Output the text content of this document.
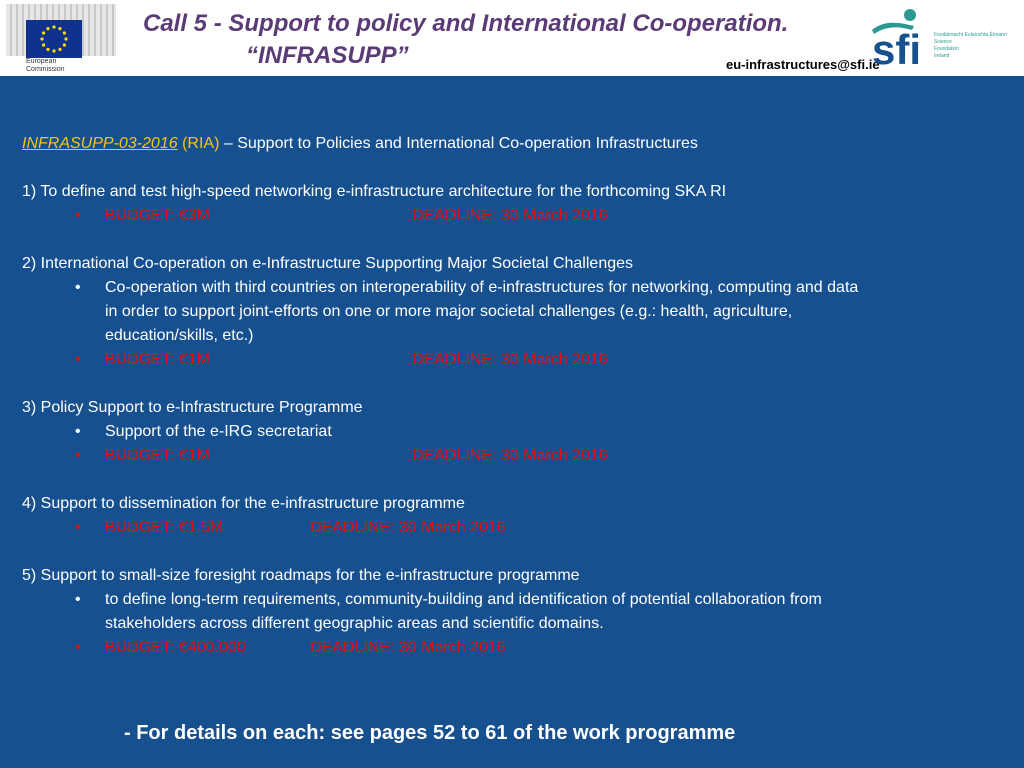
European
Commission
Call 5 - Support to policy and International Co-operation.
“INFRASUPP”	eu-infrastructures@sfi.ie
sfi	Fondúireacht Eolaíochta Éireann
Science
Foundation
Ireland
INFRASUPP-03-2016 (RIA) – Support to Policies and International Co-operation Infrastructures
1) To define and test high-speed networking e-infrastructure architecture for the forthcoming SKA RI
• BUDGET: €3M	DEADLINE: 30 March 2016
2) International Co-operation on e-Infrastructure Supporting Major Societal Challenges
• Co-operation with third countries on interoperability of e-infrastructures for networking, computing and data
in order to support joint-efforts on one or more major societal challenges (e.g.: health, agriculture,
education/skills, etc.)
• BUDGET: €1M	DEADLINE: 30 March 2016
3) Policy Support to e-Infrastructure Programme
• Support of the e-IRG secretariat
• BUDGET: €1M	DEADLINE: 30 March 2016
4) Support to dissemination for the e-infrastructure programme
• BUDGET: €1.5M	DEADLINE: 30 March 2016
5) Support to small-size foresight roadmaps for the e-infrastructure programme
• to define long-term requirements, community-building and identification of potential collaboration from
stakeholders across different geographic areas and scientific domains.
• BUDGET: €400.000	DEADLINE: 30 March 2016
- For details on each: see pages 52 to 61 of the work programme
